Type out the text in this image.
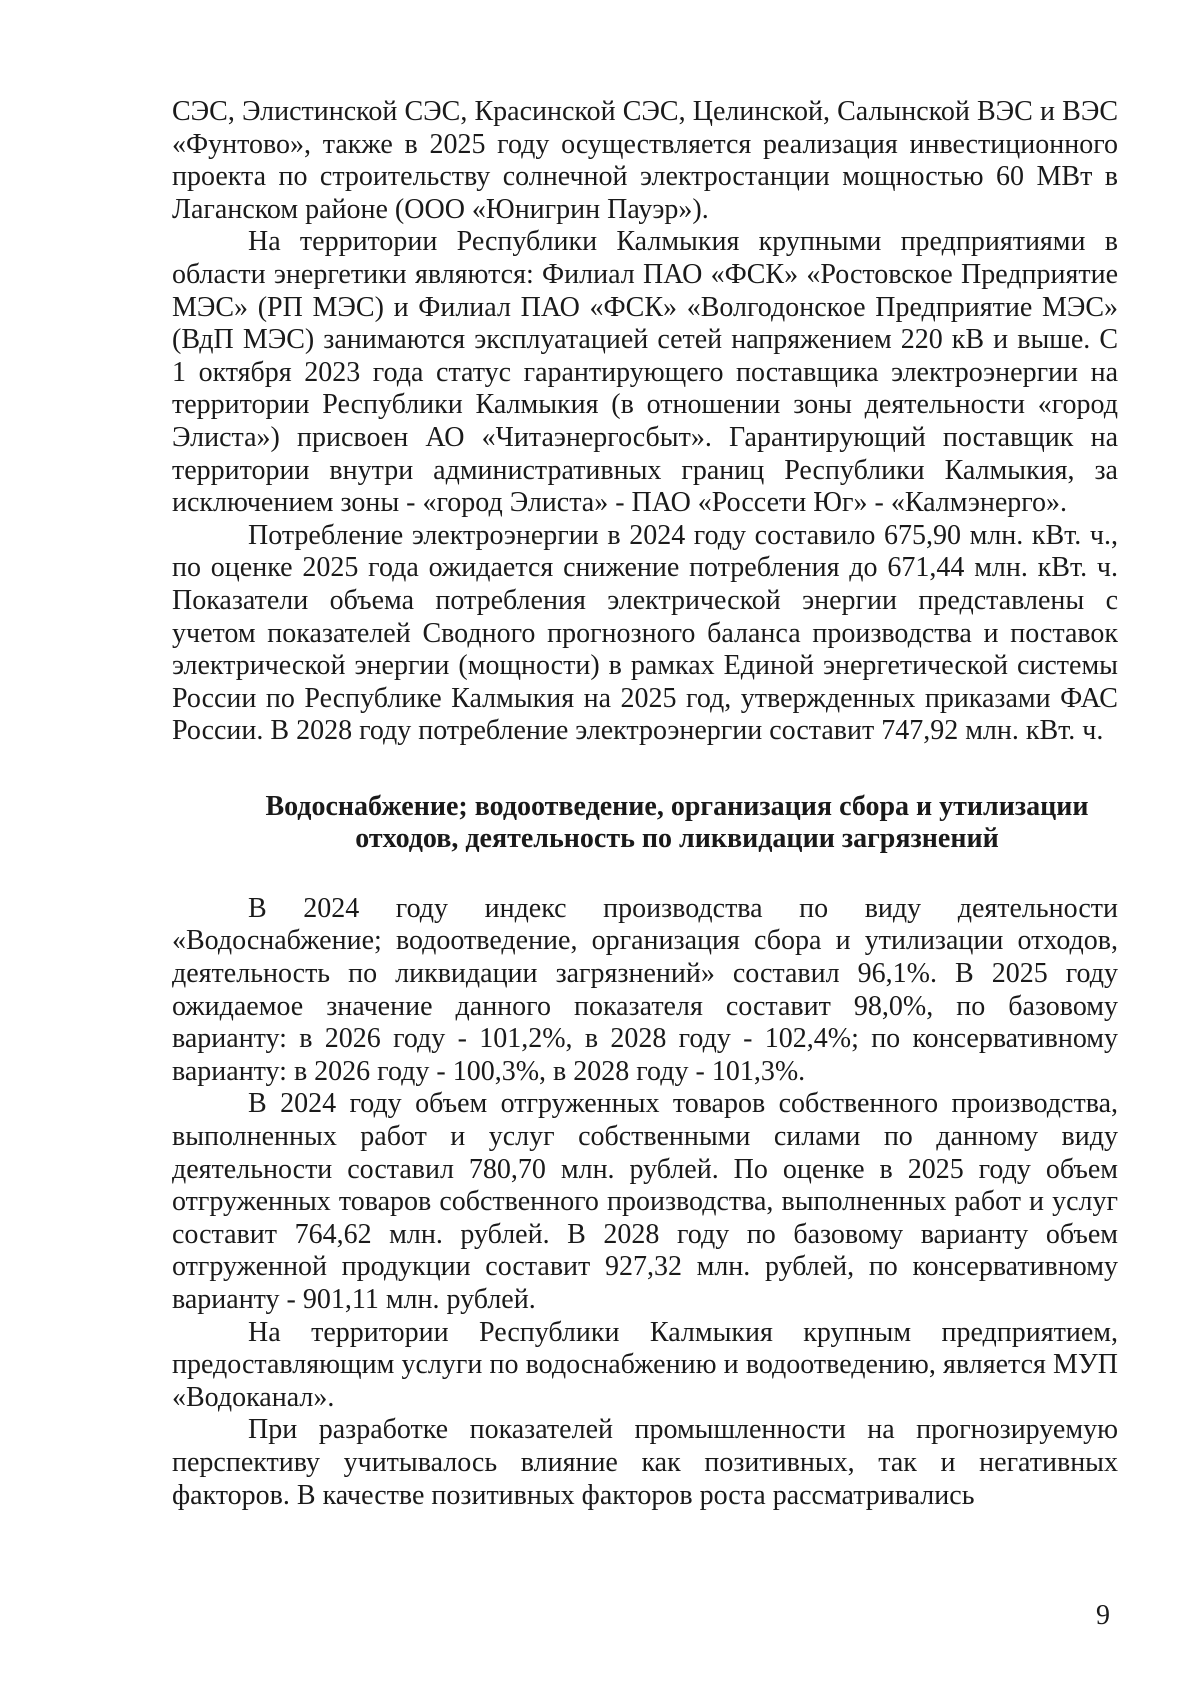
СЭС, Элистинской СЭС, Красинской СЭС, Целинской, Салынской ВЭС и ВЭС «Фунтово», также в 2025 году осуществляется реализация инвестиционного проекта по строительству солнечной электростанции мощностью 60 МВт в Лаганском районе (ООО «Юнигрин Пауэр»).

На территории Республики Калмыкия крупными предприятиями в области энергетики являются: Филиал ПАО «ФСК» «Ростовское Предприятие МЭС» (РП МЭС) и Филиал ПАО «ФСК» «Волгодонское Предприятие МЭС» (ВдП МЭС) занимаются эксплуатацией сетей напряжением 220 кВ и выше. С 1 октября 2023 года статус гарантирующего поставщика электроэнергии на территории Республики Калмыкия (в отношении зоны деятельности «город Элиста») присвоен АО «Читаэнергосбыт». Гарантирующий поставщик на территории внутри административных границ Республики Калмыкия, за исключением зоны - «город Элиста» - ПАО «Россети Юг» - «Калмэнерго».

Потребление электроэнергии в 2024 году составило 675,90 млн. кВт. ч., по оценке 2025 года ожидается снижение потребления до 671,44 млн. кВт. ч. Показатели объема потребления электрической энергии представлены с учетом показателей Сводного прогнозного баланса производства и поставок электрической энергии (мощности) в рамках Единой энергетической системы России по Республике Калмыкия на 2025 год, утвержденных приказами ФАС России. В 2028 году потребление электроэнергии составит 747,92 млн. кВт. ч.

Водоснабжение; водоотведение, организация сбора и утилизации
отходов, деятельность по ликвидации загрязнений

В 2024 году индекс производства по виду деятельности «Водоснабжение; водоотведение, организация сбора и утилизации отходов, деятельность по ликвидации загрязнений» составил 96,1%. В 2025 году ожидаемое значение данного показателя составит 98,0%, по базовому варианту: в 2026 году - 101,2%, в 2028 году - 102,4%; по консервативному варианту: в 2026 году - 100,3%, в 2028 году - 101,3%.

В 2024 году объем отгруженных товаров собственного производства, выполненных работ и услуг собственными силами по данному виду деятельности составил 780,70 млн. рублей. По оценке в 2025 году объем отгруженных товаров собственного производства, выполненных работ и услуг составит 764,62 млн. рублей. В 2028 году по базовому варианту объем отгруженной продукции составит 927,32 млн. рублей, по консервативному варианту - 901,11 млн. рублей.

На территории Республики Калмыкия крупным предприятием, предоставляющим услуги по водоснабжению и водоотведению, является МУП «Водоканал».

При разработке показателей промышленности на прогнозируемую перспективу учитывалось влияние как позитивных, так и негативных факторов. В качестве позитивных факторов роста рассматривались

9
